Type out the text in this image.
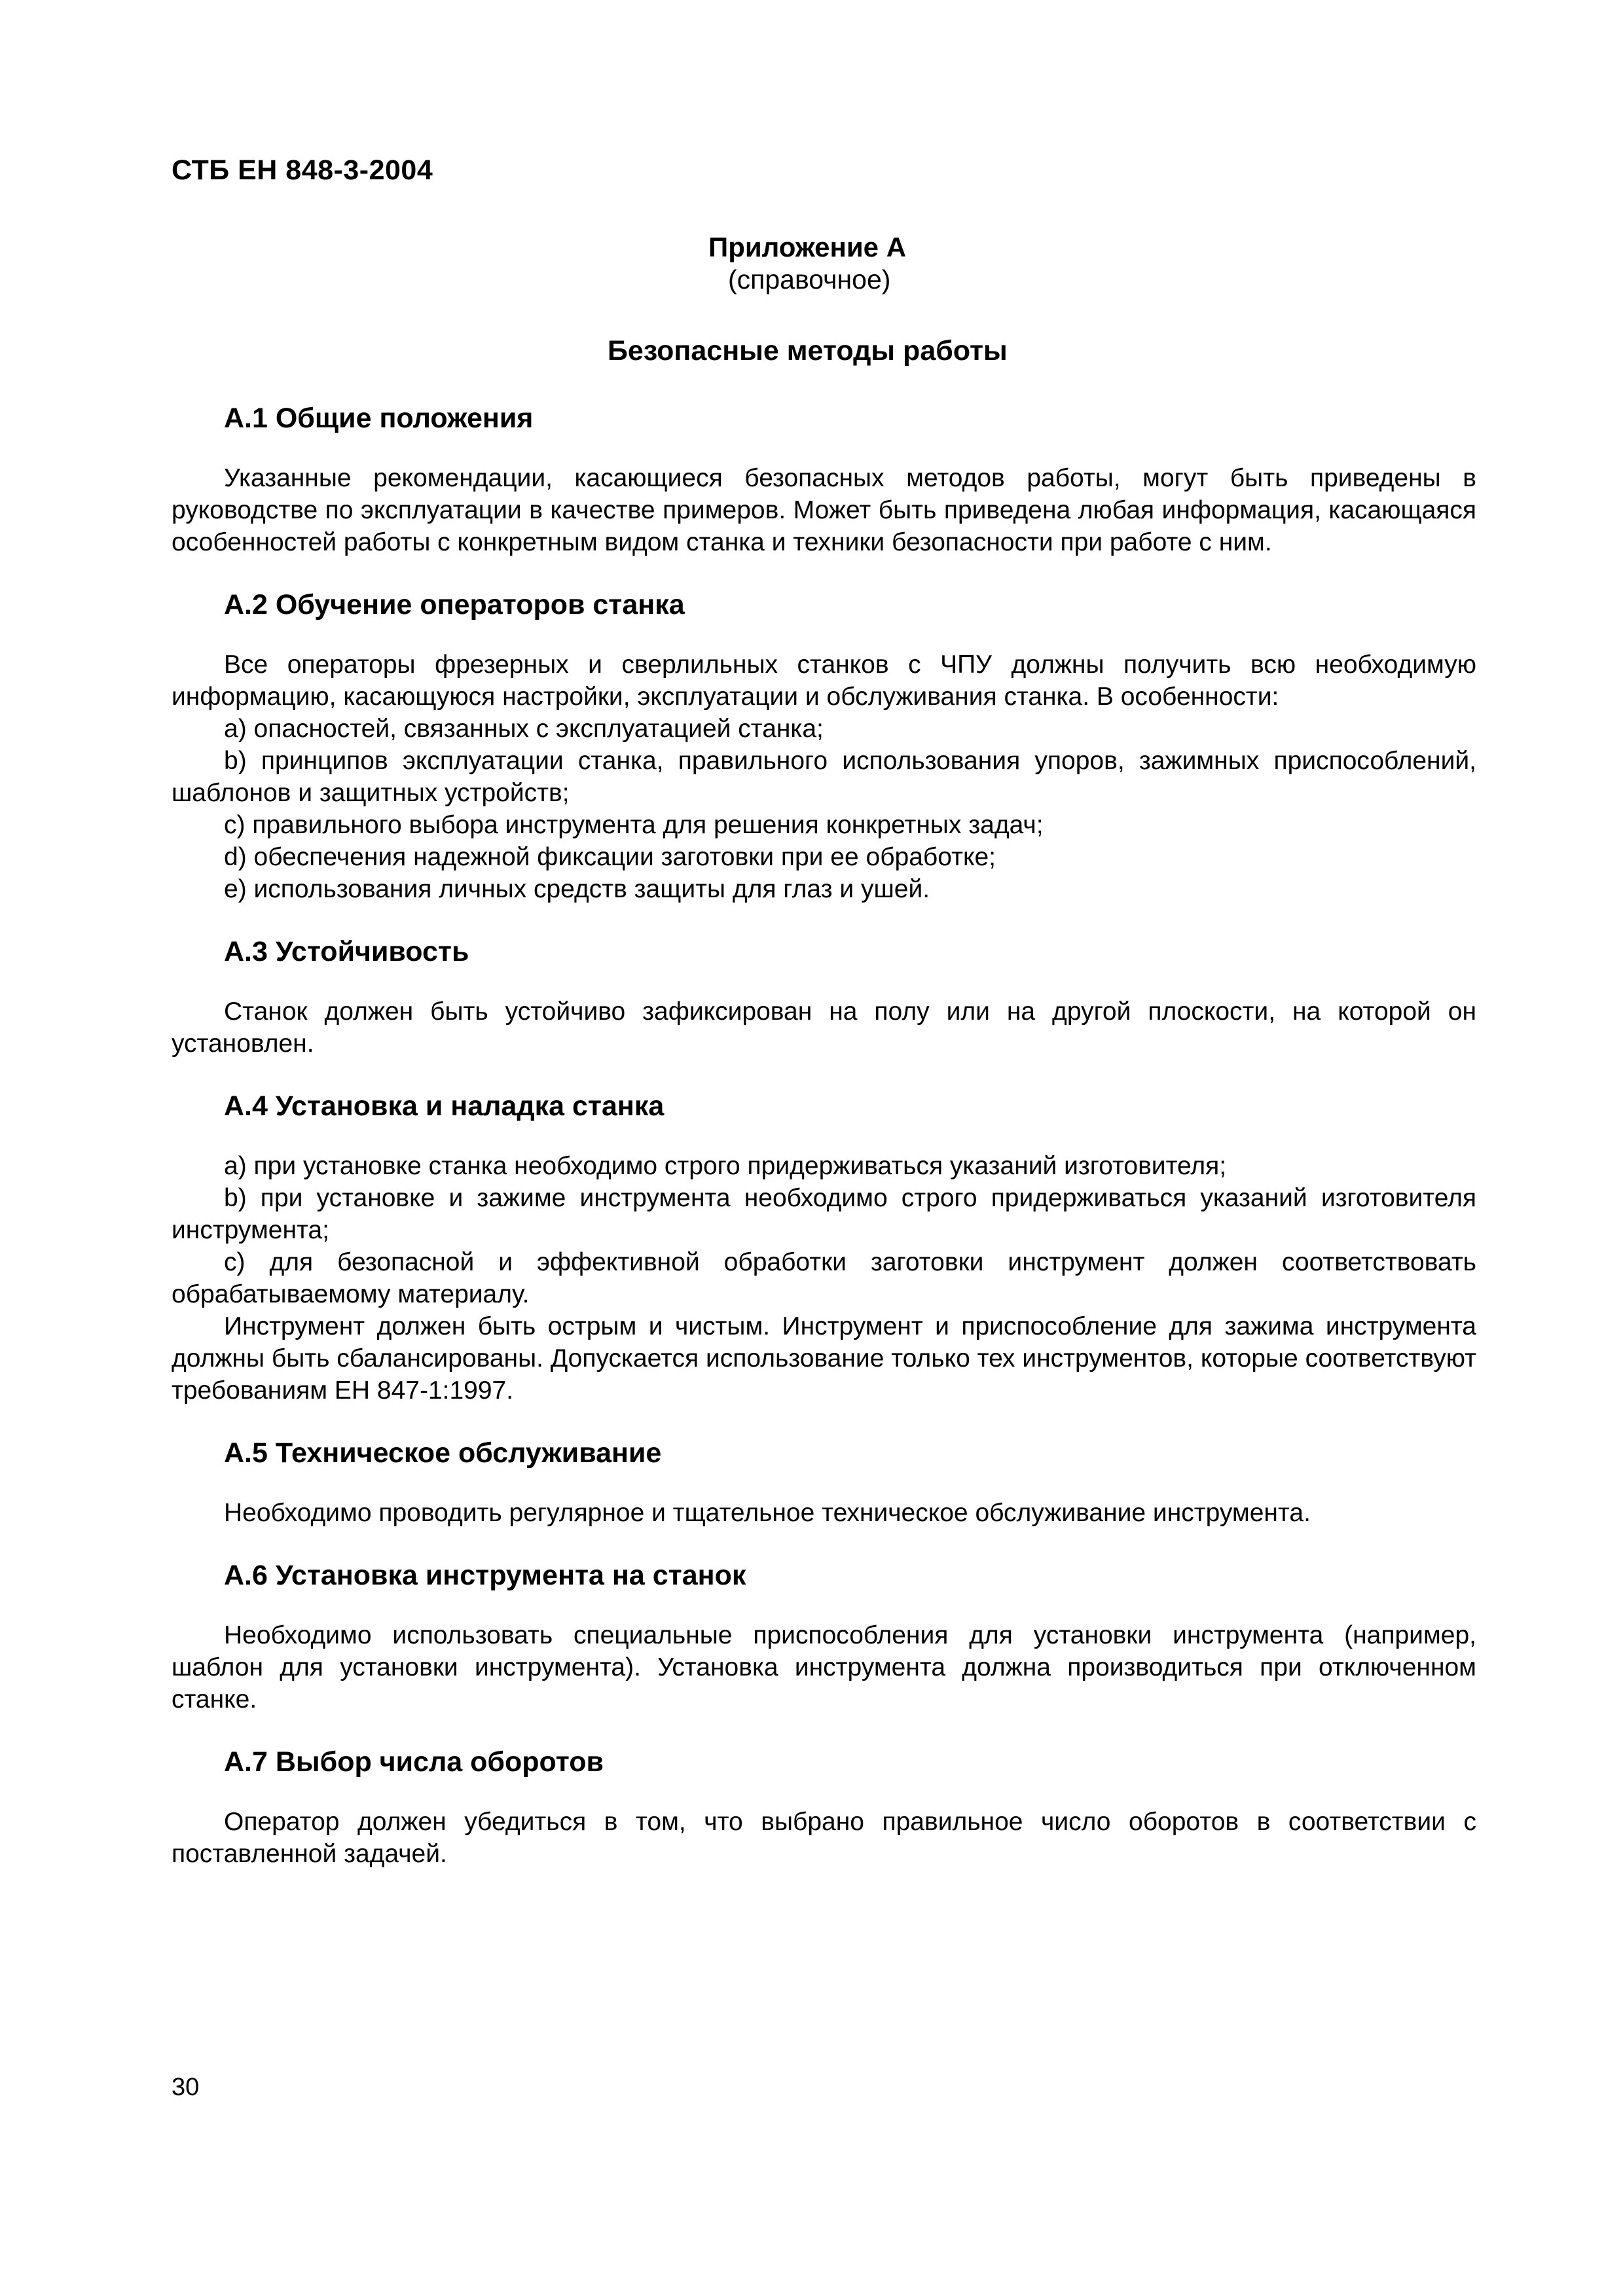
СТБ ЕН 848-3-2004
Приложение А
(справочное)
Безопасные методы работы
А.1 Общие положения

Указанные рекомендации, касающиеся безопасных методов работы, могут быть приведены в руководстве по эксплуатации в качестве примеров. Может быть приведена любая информация, касающаяся особенностей работы с конкретным видом станка и техники безопасности при работе с ним.

А.2 Обучение операторов станка

Все операторы фрезерных и сверлильных станков с ЧПУ должны получить всю необходимую информацию, касающуюся настройки, эксплуатации и обслуживания станка. В особенности:

а) опасностей, связанных с эксплуатацией станка;

b) принципов эксплуатации станка, правильного использования упоров, зажимных приспособлений, шаблонов и защитных устройств;

c) правильного выбора инструмента для решения конкретных задач;

d) обеспечения надежной фиксации заготовки при ее обработке;

e) использования личных средств защиты для глаз и ушей.

А.3 Устойчивость

Станок должен быть устойчиво зафиксирован на полу или на другой плоскости, на которой он установлен.

А.4 Установка и наладка станка

а) при установке станка необходимо строго придерживаться указаний изготовителя;

b) при установке и зажиме инструмента необходимо строго придерживаться указаний изготовителя инструмента;

c) для безопасной и эффективной обработки заготовки инструмент должен соответствовать обрабатываемому материалу.

Инструмент должен быть острым и чистым. Инструмент и приспособление для зажима инструмента должны быть сбалансированы. Допускается использование только тех инструментов, которые соответствуют требованиям ЕН 847-1:1997.

А.5 Техническое обслуживание

Необходимо проводить регулярное и тщательное техническое обслуживание инструмента.

А.6 Установка инструмента на станок

Необходимо использовать специальные приспособления для установки инструмента (например, шаблон для установки инструмента). Установка инструмента должна производиться при отключенном станке.

А.7 Выбор числа оборотов

Оператор должен убедиться в том, что выбрано правильное число оборотов в соответствии с поставленной задачей.

30
